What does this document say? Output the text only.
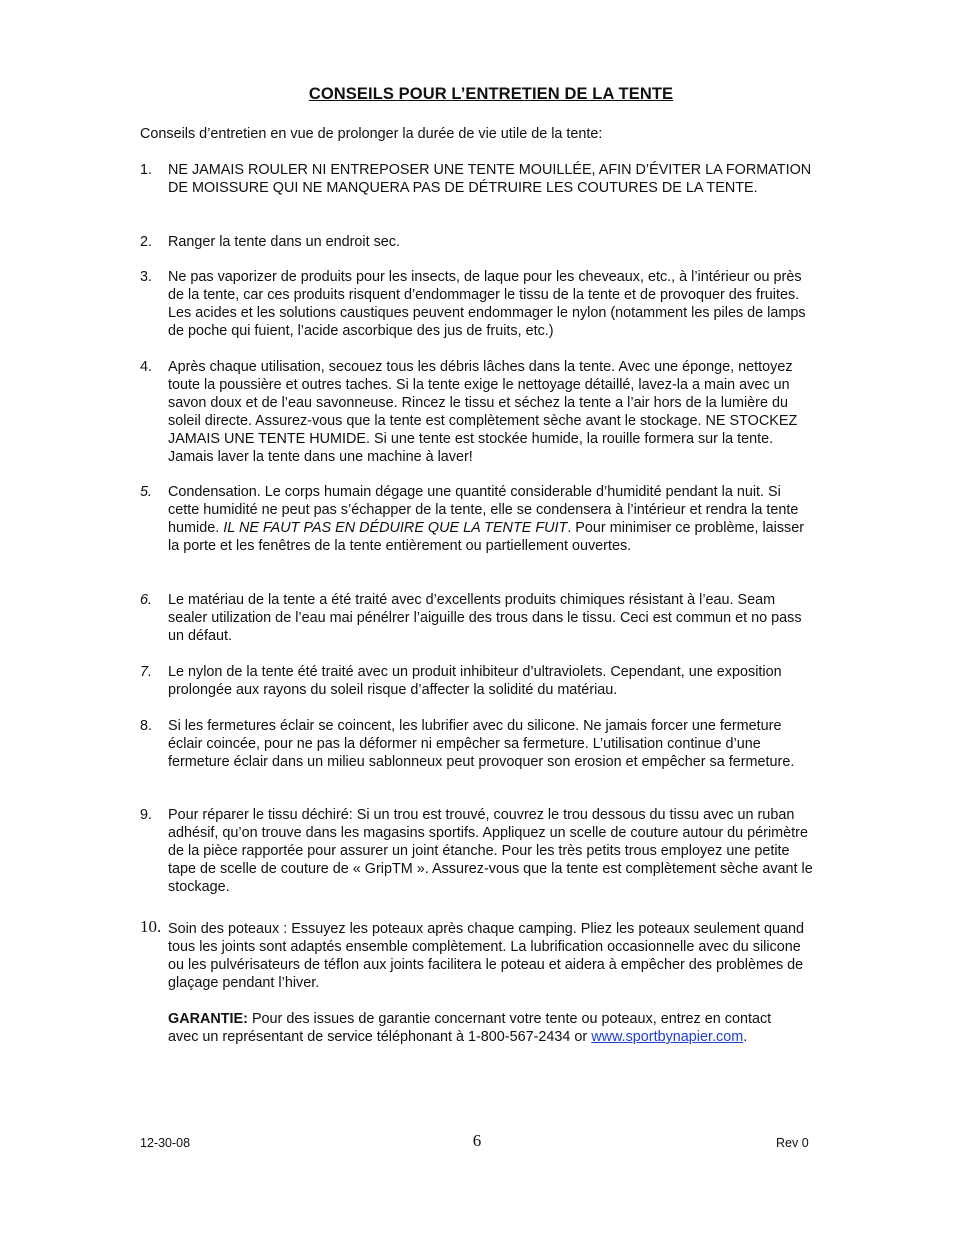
CONSEILS POUR L’ENTRETIEN DE LA TENTE
Conseils d’entretien en vue de prolonger la durée de vie utile de la tente:
1. NE JAMAIS ROULER NI ENTREPOSER UNE TENTE MOUILLÉE, AFIN D’ÉVITER LA FORMATION DE MOISSURE QUI NE MANQUERA PAS DE DÉTRUIRE LES COUTURES DE LA TENTE.
2. Ranger la tente dans un endroit sec.
3. Ne pas vaporizer de produits pour les insects, de laque pour les cheveaux, etc., à l’intérieur ou près de la tente, car ces produits risquent d’endommager le tissu de la tente et de provoquer des fruites. Les acides et les solutions caustiques peuvent endommager le nylon (notamment les piles de lamps de poche qui fuient, l’acide ascorbique des jus de fruits, etc.)
4. Après chaque utilisation, secouez tous les débris lâches dans la tente. Avec une éponge, nettoyez toute la poussière et outres taches. Si la tente exige le nettoyage détaillé, lavez-la a main avec un savon doux et de l’eau savonneuse. Rincez le tissu et séchez la tente a l’air hors de la lumière du soleil directe. Assurez-vous que la tente est complètement sèche avant le stockage. NE STOCKEZ JAMAIS UNE TENTE HUMIDE. Si une tente est stockée humide, la rouille formera sur la tente. Jamais laver la tente dans une machine à laver!
5. Condensation. Le corps humain dégage une quantité considerable d’humidité pendant la nuit. Si cette humidité ne peut pas s’échapper de la tente, elle se condensera à l’intérieur et rendra la tente humide. IL NE FAUT PAS EN DÉDUIRE QUE LA TENTE FUIT. Pour minimiser ce problème, laisser la porte et les fenêtres de la tente entièrement ou partiellement ouvertes.
6. Le matériau de la tente a été traité avec d’excellents produits chimiques résistant à l’eau. Seam sealer utilization de l’eau mai pénélrer l’aiguille des trous dans le tissu. Ceci est commun et no pass un défaut.
7. Le nylon de la tente été traité avec un produit inhibiteur d’ultraviolets. Cependant, une exposition prolongée aux rayons du soleil risque d’affecter la solidité du matériau.
8. Si les fermetures éclair se coincent, les lubrifier avec du silicone. Ne jamais forcer une fermeture éclair coincée, pour ne pas la déformer ni empêcher sa fermeture. L’utilisation continue d’une fermeture éclair dans un milieu sablonneux peut provoquer son erosion et empêcher sa fermeture.
9. Pour réparer le tissu déchiré: Si un trou est trouvé, couvrez le trou dessous du tissu avec un ruban adhésif, qu’on trouve dans les magasins sportifs. Appliquez un scelle de couture autour du périmètre de la pièce rapportée pour assurer un joint étanche. Pour les très petits trous employez une petite tape de scelle de couture de « GripTM ». Assurez-vous que la tente est complètement sèche avant le stockage.
10. Soin des poteaux : Essuyez les poteaux après chaque camping. Pliez les poteaux seulement quand tous les joints sont adaptés ensemble complètement. La lubrification occasionnelle avec du silicone ou les pulvérisateurs de téflon aux joints facilitera le poteau et aidera à empêcher des problèmes de glaçage pendant l’hiver.
GARANTIE: Pour des issues de garantie concernant votre tente ou poteaux, entrez en contact avec un représentant de service téléphonant à 1-800-567-2434 or www.sportbynapier.com.
12-30-08	6	Rev 0
